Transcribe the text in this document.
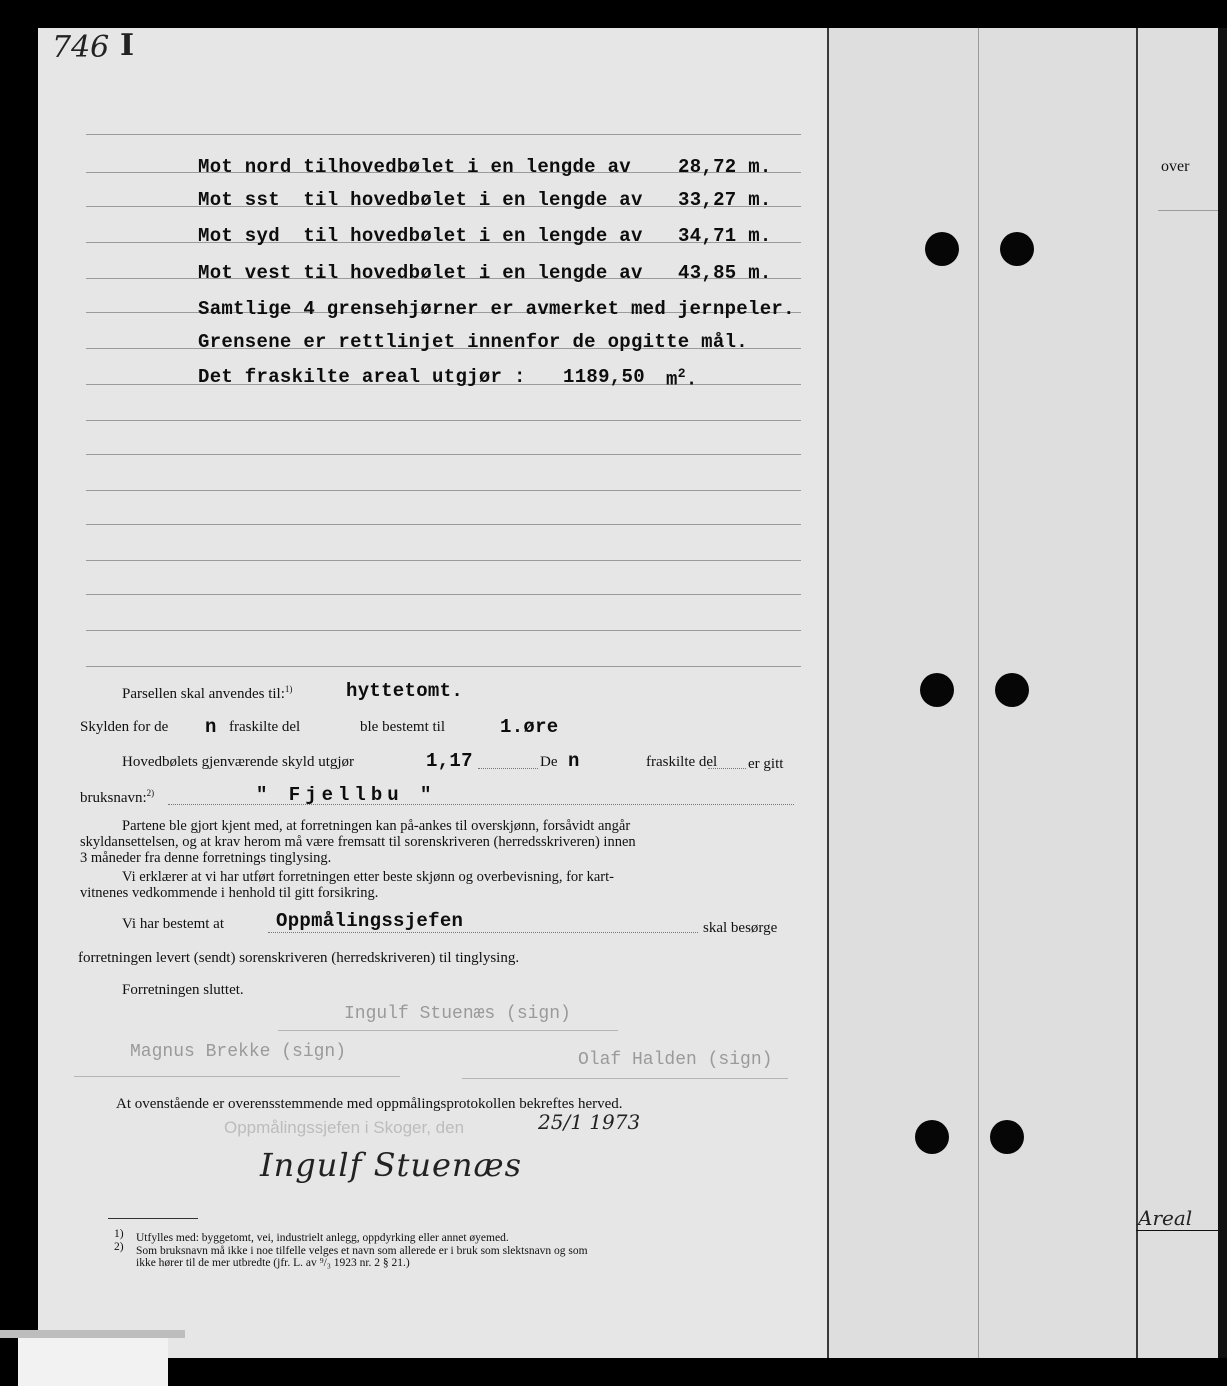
746 I
Mot nord tilhovedbølet i en lengde av 28,72 m.
Mot sst  til hovedbølet i en lengde av 33,27 m.
Mot syd  til hovedbølet i en lengde av 34,71 m.
Mot vest til hovedbølet i en lengde av 43,85 m.
Samtlige 4 grensehjørner er avmerket med jernpeler.
Grensene er rettlinjet innenfor de opgitte mål.
Det fraskilte areal utgjør : 1189,50 $m^2$.
Parsellen skal anvendes til:$^{1)}$	hyttetomt.
Skylden for de n fraskilte del	ble bestemt til	1.øre
Hovedbølets gjenværende skyld utgjør	1,17	De n	fraskilte del er gitt
bruksnavn:$^{2)}$	" Fjellbu "
Partene ble gjort kjent med, at forretningen kan på-ankes til overskjønn, forsåvidt angår
skyldansettelsen, og at krav herom må være fremsatt til sorenskriveren (herredsskriveren) innen
3 måneder fra denne forretnings tinglysing.
Vi erklærer at vi har utført forretningen etter beste skjønn og overbevisning, for kart-
vitnenes vedkommende i henhold til gitt forsikring.
Vi har bestemt at	Oppmålingssjefen	skal besørge
forretningen levert (sendt) sorenskriveren (herredskriveren) til tinglysing.
Forretningen sluttet.
Ingulf Stuenæs (sign)
Magnus Brekke (sign)	Olaf Halden (sign)
At ovenstående er overensstemmende med oppmålingsprotokollen bekreftes herved.
Oppmålingssjefen i Skoger, den	25/1 1973
Ingulf Stuenæs
1) Utfylles med: byggetomt, vei, industrielt anlegg, oppdyrking eller annet øyemed.
2) Som bruksnavn må ikke i noe tilfelle velges et navn som allerede er i bruk som slektsnavn og som
ikke hører til de mer utbredte (jfr. L. av ⁹/₃ 1923 nr. 2 § 21.)
over
Areal
